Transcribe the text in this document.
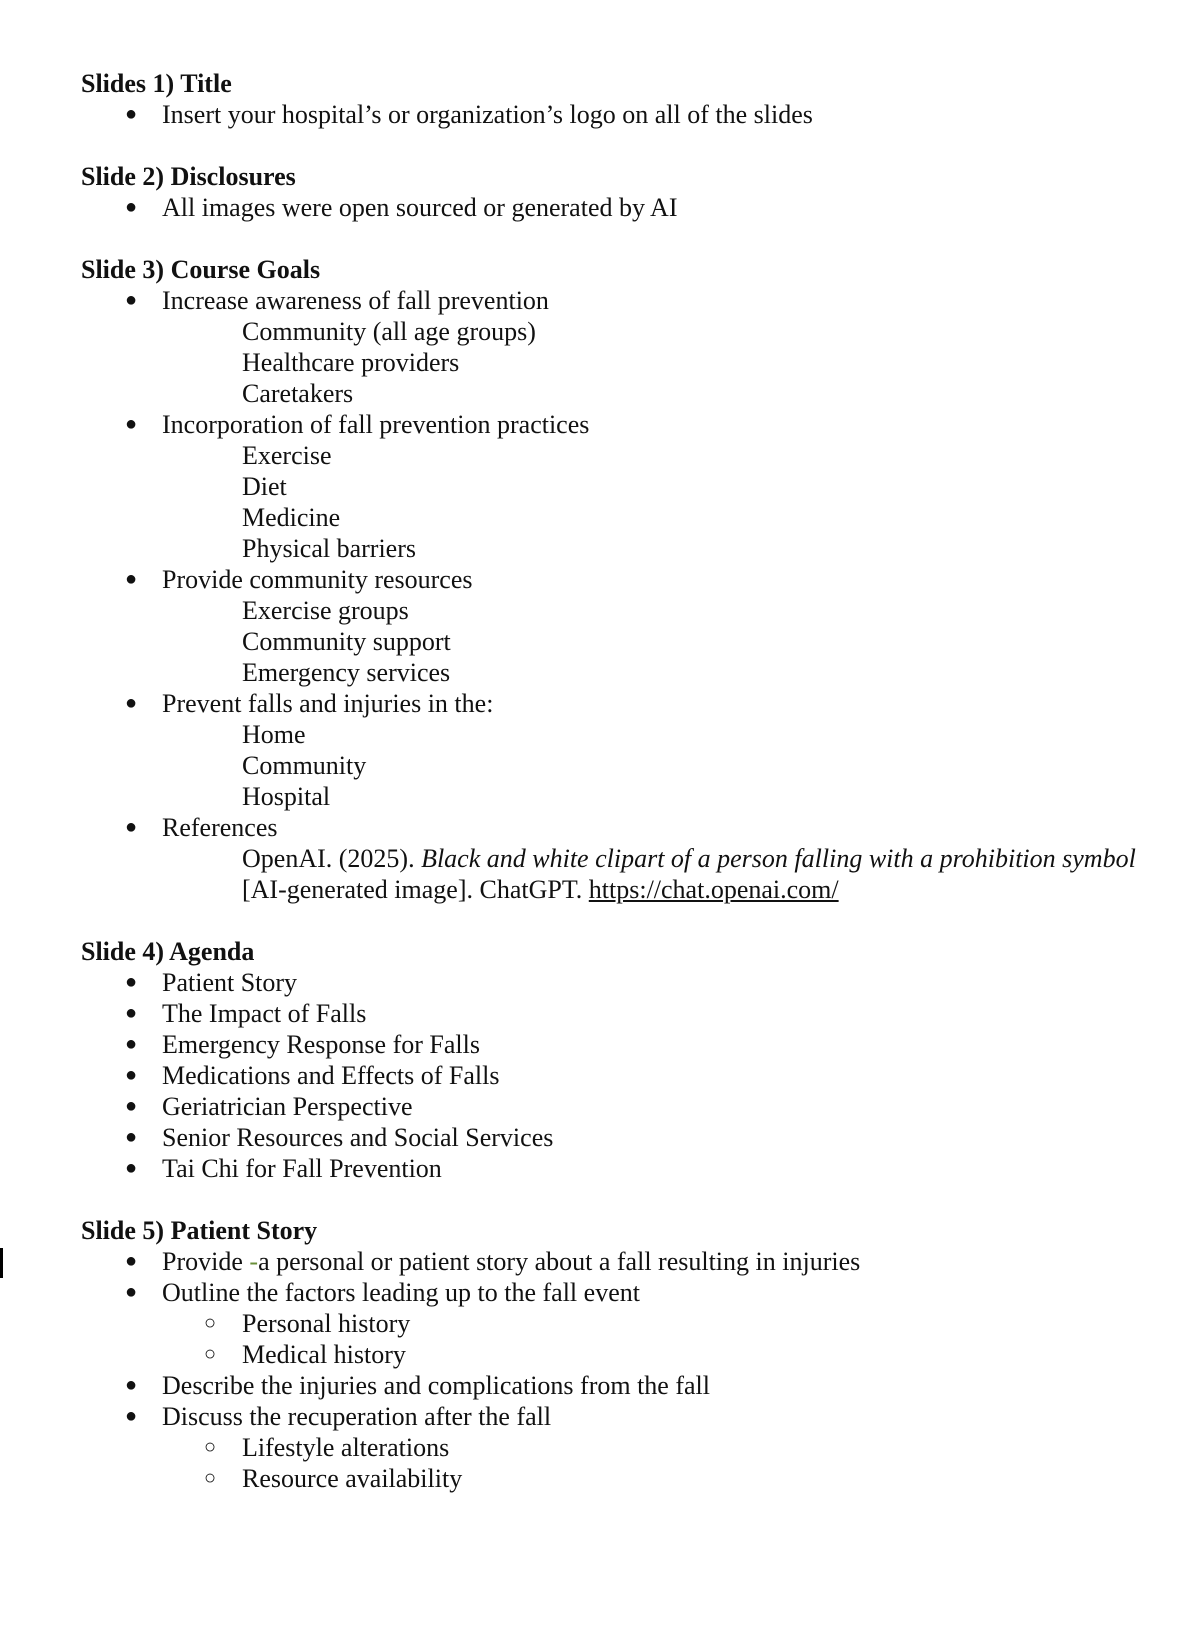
Slides 1) Title
● Insert your hospital’s or organization’s logo on all of the slides
Slide 2) Disclosures
● All images were open sourced or generated by AI
Slide 3) Course Goals
● Increase awareness of fall prevention
Community (all age groups)
Healthcare providers
Caretakers
● Incorporation of fall prevention practices
Exercise
Diet
Medicine
Physical barriers
● Provide community resources
Exercise groups
Community support
Emergency services
● Prevent falls and injuries in the:
Home
Community
Hospital
● References
OpenAI. (2025). Black and white clipart of a person falling with a prohibition symbol [AI-generated image]. ChatGPT. https://chat.openai.com/
Slide 4) Agenda
● Patient Story
● The Impact of Falls
● Emergency Response for Falls
● Medications and Effects of Falls
● Geriatrician Perspective
● Senior Resources and Social Services
● Tai Chi for Fall Prevention
Slide 5) Patient Story
● Provide -a personal or patient story about a fall resulting in injuries
● Outline the factors leading up to the fall event
○ Personal history
○ Medical history
● Describe the injuries and complications from the fall
● Discuss the recuperation after the fall
○ Lifestyle alterations
○ Resource availability
